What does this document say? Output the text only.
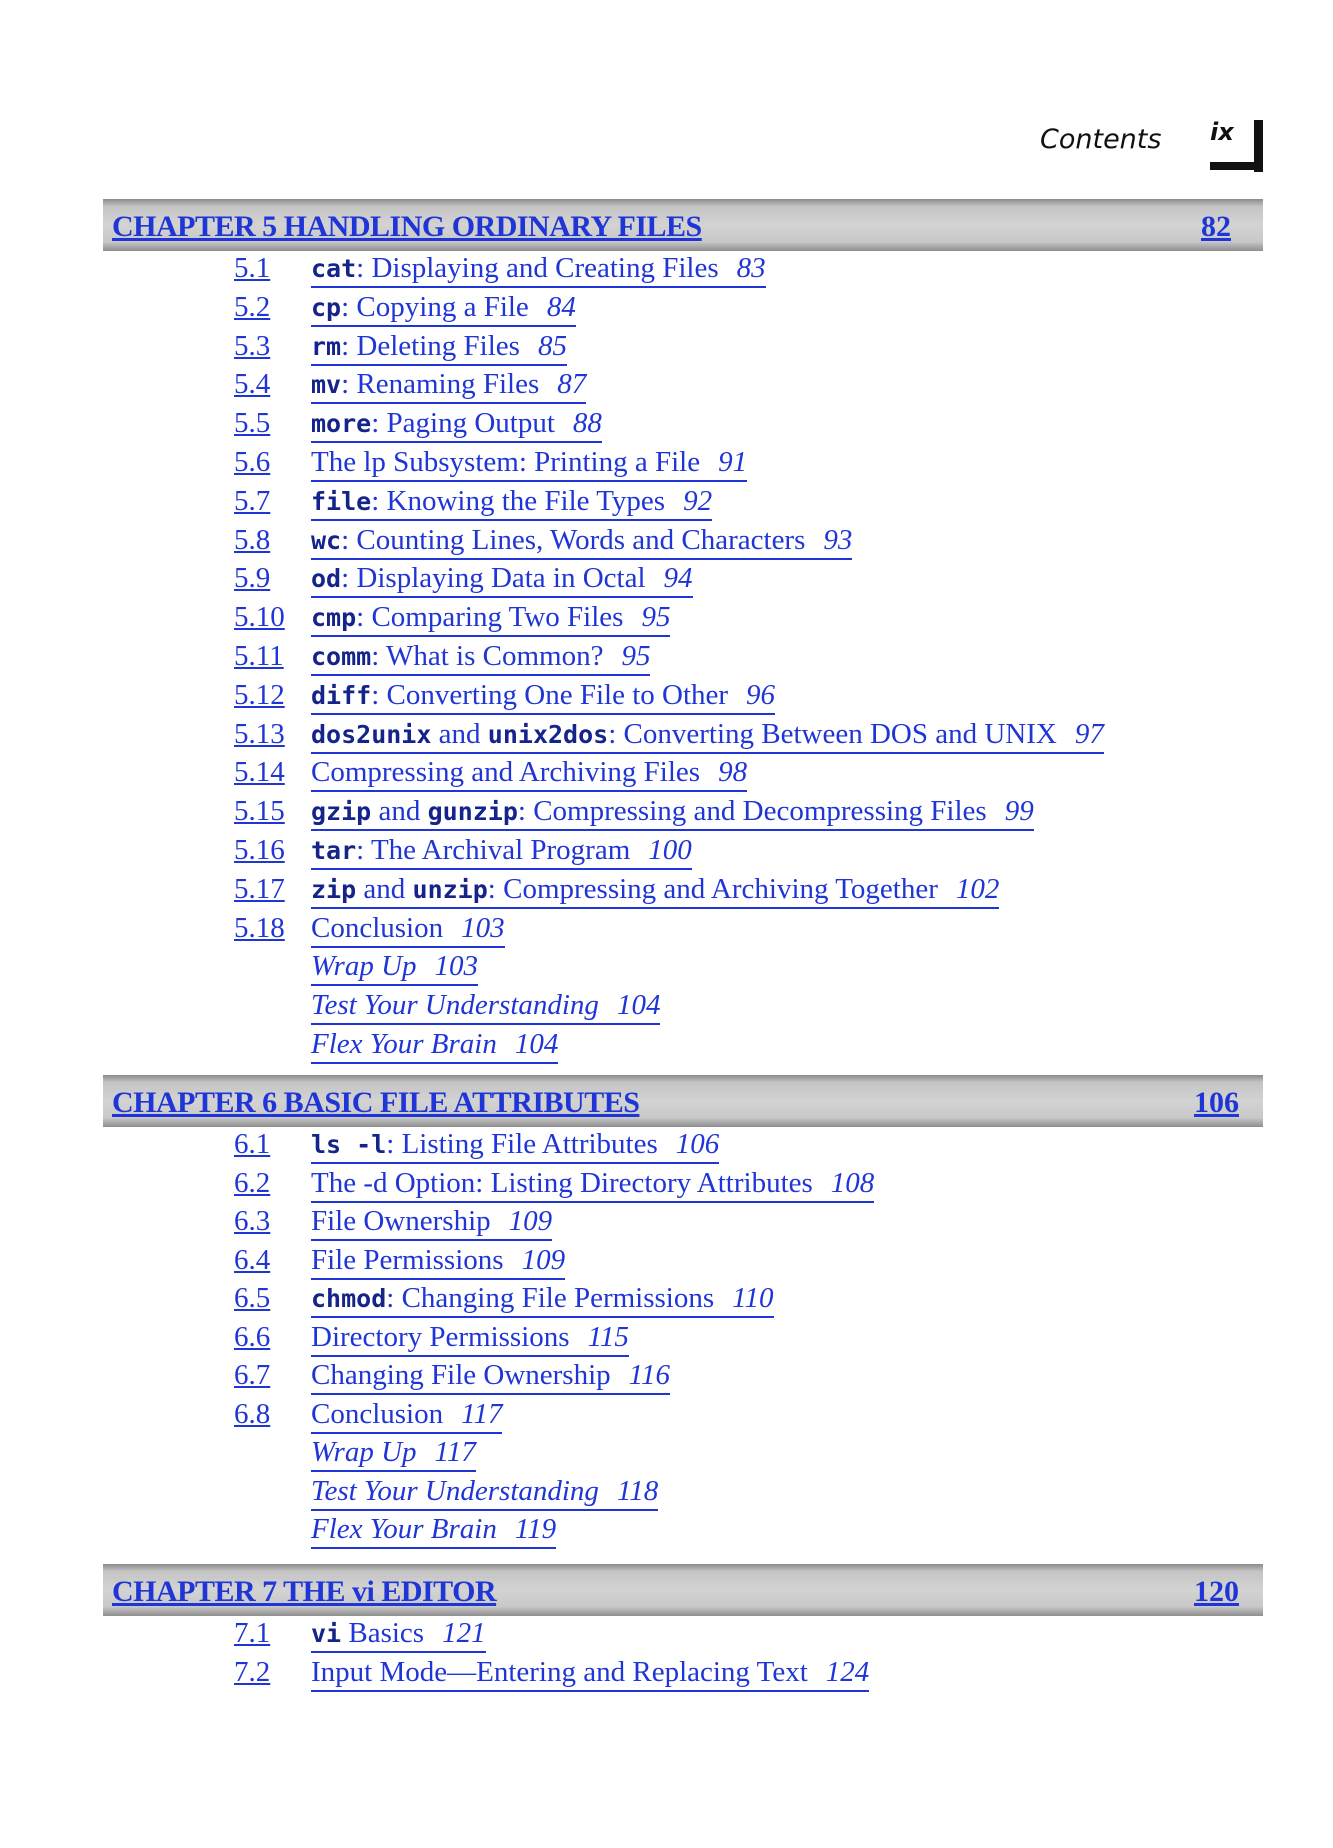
Contents ix
CHAPTER 5 HANDLING ORDINARY FILES	82
5.1 cat: Displaying and Creating Files 83
5.2 cp: Copying a File 84
5.3 rm: Deleting Files 85
5.4 mv: Renaming Files 87
5.5 more: Paging Output 88
5.6 The lp Subsystem: Printing a File 91
5.7 file: Knowing the File Types 92
5.8 wc: Counting Lines, Words and Characters 93
5.9 od: Displaying Data in Octal 94
5.10 cmp: Comparing Two Files 95
5.11 comm: What is Common? 95
5.12 diff: Converting One File to Other 96
5.13 dos2unix and unix2dos: Converting Between DOS and UNIX 97
5.14 Compressing and Archiving Files 98
5.15 gzip and gunzip: Compressing and Decompressing Files 99
5.16 tar: The Archival Program 100
5.17 zip and unzip: Compressing and Archiving Together 102
5.18 Conclusion 103
Wrap Up 103
Test Your Understanding 104
Flex Your Brain 104
CHAPTER 6 BASIC FILE ATTRIBUTES	106
6.1 ls -l: Listing File Attributes 106
6.2 The -d Option: Listing Directory Attributes 108
6.3 File Ownership 109
6.4 File Permissions 109
6.5 chmod: Changing File Permissions 110
6.6 Directory Permissions 115
6.7 Changing File Ownership 116
6.8 Conclusion 117
Wrap Up 117
Test Your Understanding 118
Flex Your Brain 119
CHAPTER 7 THE vi EDITOR	120
7.1 vi Basics 121
7.2 Input Mode—Entering and Replacing Text 124
